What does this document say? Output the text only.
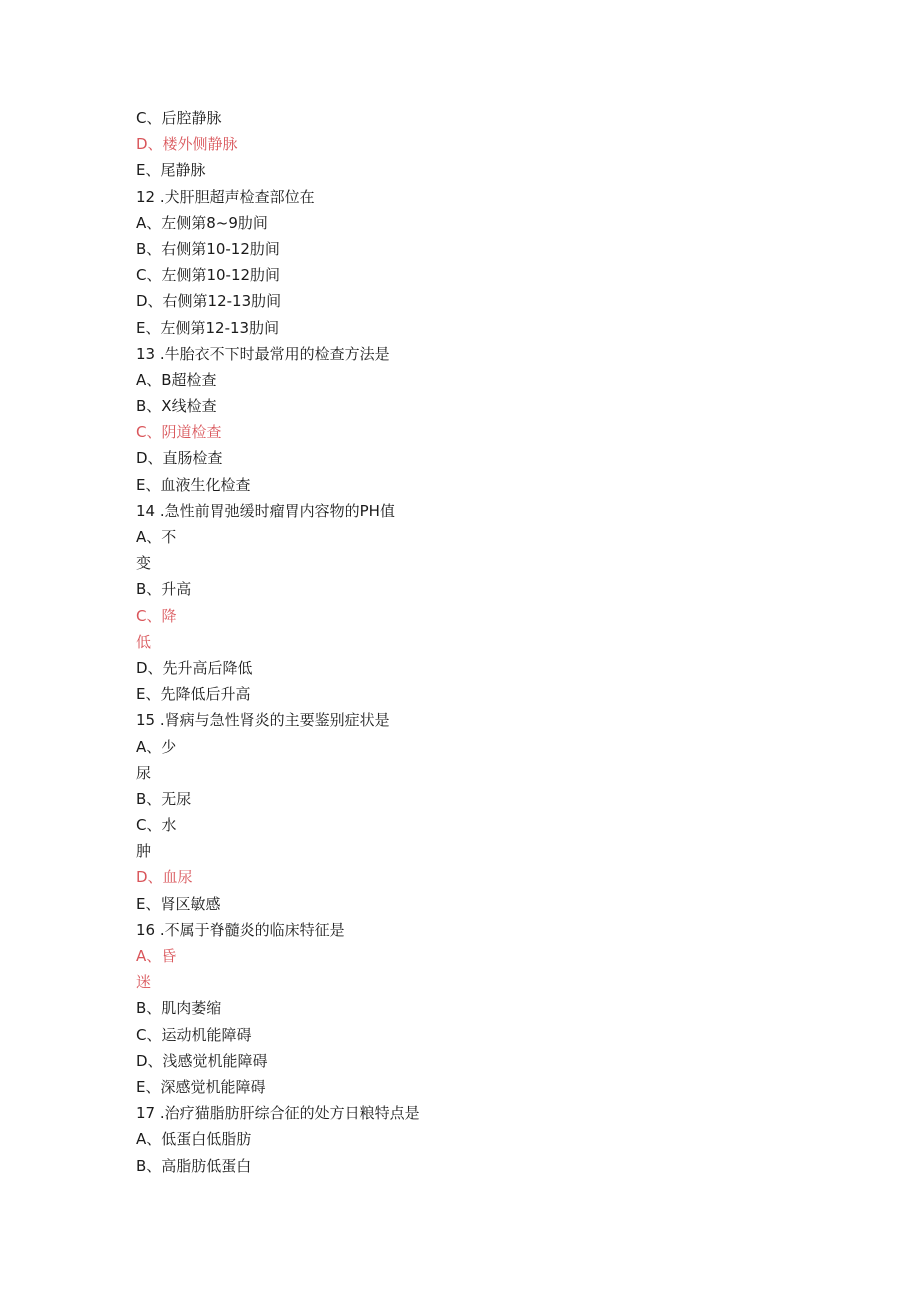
C、后腔静脉
D、楼外侧静脉
E、尾静脉
12 .犬肝胆超声检查部位在
A、左侧第8~9肋间
B、右侧第10-12肋间
C、左侧第10-12肋间
D、右侧第12-13肋间
E、左侧第12-13肋间
13 .牛胎衣不下时最常用的检查方法是
A、B超检查
B、X线检查
C、阴道检查
D、直肠检查
E、血液生化检查
14 .急性前胃弛缓时瘤胃内容物的PH值
A、不
变
B、升高
C、降
低
D、先升高后降低
E、先降低后升高
15 .肾病与急性肾炎的主要鉴别症状是
A、少
尿
B、无尿
C、水
肿
D、血尿
E、肾区敏感
16 .不属于脊髓炎的临床特征是
A、昏
迷
B、肌肉萎缩
C、运动机能障碍
D、浅感觉机能障碍
E、深感觉机能障碍
17 .治疗猫脂肪肝综合征的处方日粮特点是
A、低蛋白低脂肪
B、高脂肪低蛋白
